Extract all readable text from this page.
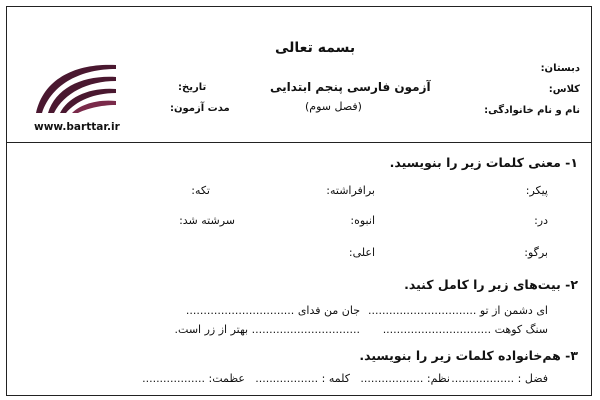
بسمه تعالی
دبستان:
کلاس:
نام و نام خانوادگی:
آزمون فارسی پنجم ابتدایی
(فصل سوم)
تاریخ:
مدت آزمون:
www.barttar.ir
۱- معنی کلمات زیر را بنویسید.
پیکر:
برافراشته:
تکه:
در:
انبوه:
سرشته شد:
برگو:
اعلی:
۲- بیت‌های زیر را کامل کنید.
ای دشمن از تو ...............................
جان من فدای ...............................
سنگ کوهت ...............................
............................... بهتر از زر است.
۳- هم‌خانواده کلمات زیر را بنویسید.
فضل : ..................
نظم: ..................
کلمه : ..................
عظمت: ..................
